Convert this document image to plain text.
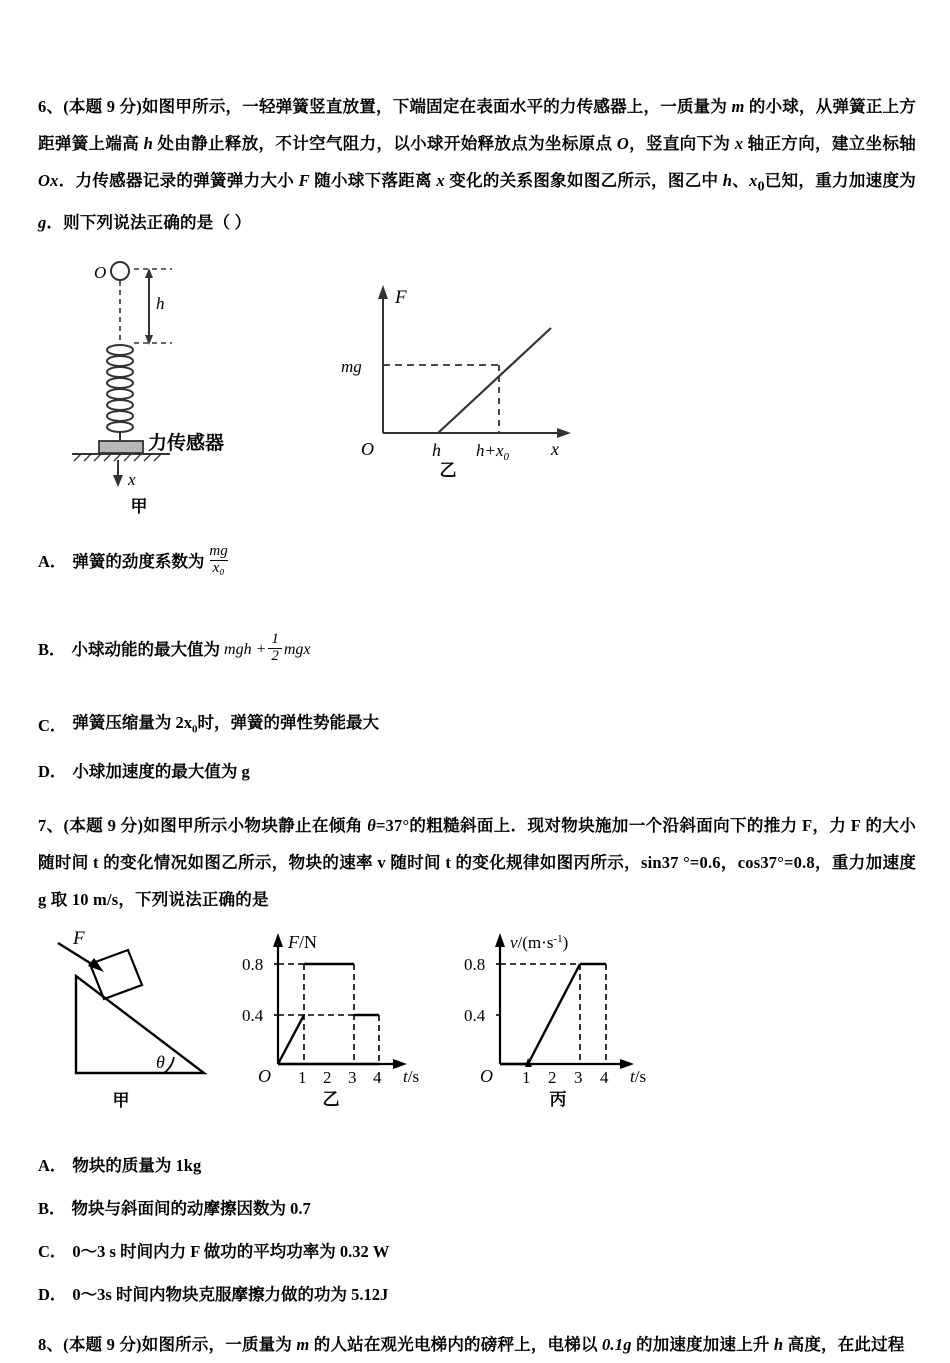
6、(本题 9 分)如图甲所示，一轻弹簧竖直放置，下端固定在表面水平的力传感器上，一质量为 m 的小球，从弹簧正上方距弹簧上端高 h 处由静止释放，不计空气阻力，以小球开始释放点为坐标原点 O，竖直向下为 x 轴正方向，建立坐标轴 Ox．力传感器记录的弹簧弹力大小 F 随小球下落距离 x 变化的关系图象如图乙所示，图乙中 h、$x_0$已知，重力加速度为 g．则下列说法正确的是（ ）
O
h
力传感器
x
甲
F
x
O
mg
h $h+x_0$
乙
A． 弹簧的劲度系数为 $\frac{mg}{\text{x₀}}$
B． 小球动能的最大值为 mgh + $\frac{1}{2}$ mgx
C． 弹簧压缩量为 $2x_0$时，弹簧的弹性势能最大
D． 小球加速度的最大值为 g
7、(本题 9 分)如图甲所示小物块静止在倾角 θ=37°的粗糙斜面上．现对物块施加一个沿斜面向下的推力 F，力 F 的大小随时间 t 的变化情况如图乙所示，物块的速率 v 随时间 t 的变化规律如图丙所示，sin37 °=0.6，cos37°=0.8，重力加速度 g 取 10 m/s，下列说法正确的是
F
θ
甲
F/N
t/s
O
0.8
0.4
1 2 3 4
乙
$v/(m\cdot s^{-1})$
t/s
O
0.8
0.4
1 2 3 4
丙
A． 物块的质量为 1kg
B． 物块与斜面间的动摩擦因数为 0.7
C． 0～3 s 时间内力 F 做功的平均功率为 0.32 W
D． 0～3s 时间内物块克服摩擦力做的功为 5.12J
8、(本题 9 分)如图所示，一质量为 m 的人站在观光电梯内的磅秤上，电梯以 0.1g 的加速度加速上升 h 高度，在此过程
